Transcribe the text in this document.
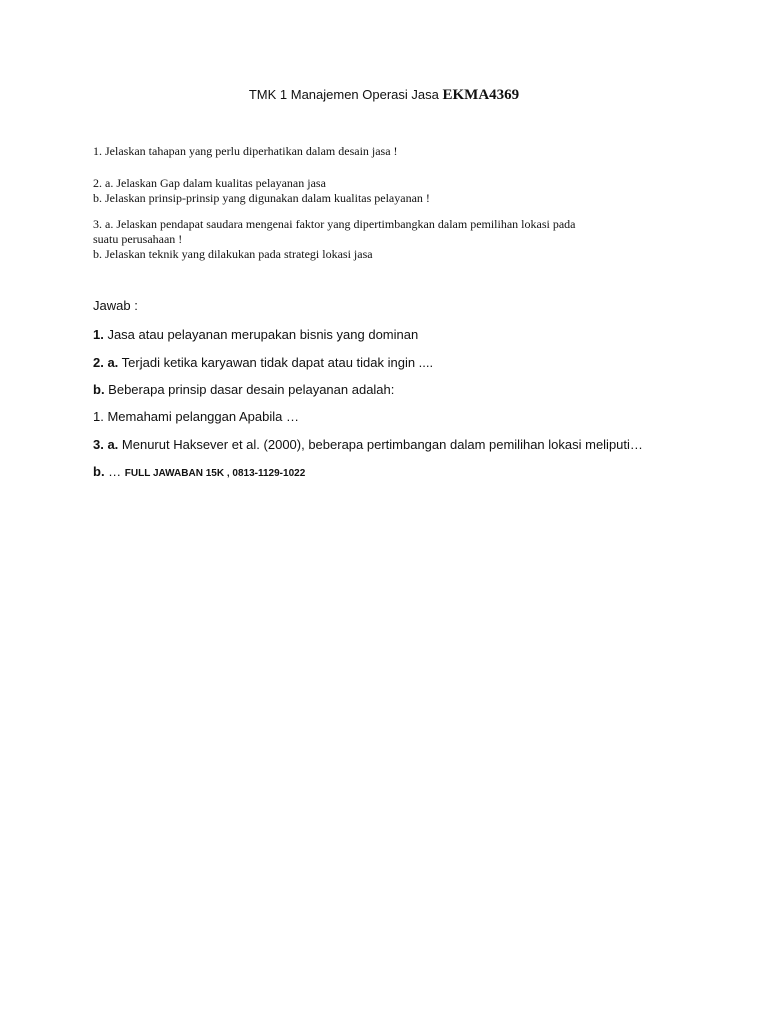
TMK 1 Manajemen Operasi Jasa EKMA4369

1. Jelaskan tahapan yang perlu diperhatikan dalam desain jasa !

2. a. Jelaskan Gap dalam kualitas pelayanan jasa

b. Jelaskan prinsip-prinsip yang digunakan dalam kualitas pelayanan !

3. a. Jelaskan pendapat saudara mengenai faktor yang dipertimbangkan dalam pemilihan lokasi pada

suatu perusahaan !

b. Jelaskan teknik yang dilakukan pada strategi lokasi jasa

Jawab :

1. Jasa atau pelayanan merupakan bisnis yang dominan

2. a. Terjadi ketika karyawan tidak dapat atau tidak ingin ....

b. Beberapa prinsip dasar desain pelayanan adalah:

1. Memahami pelanggan Apabila …

3. a. Menurut Haksever et al. (2000), beberapa pertimbangan dalam pemilihan lokasi meliputi…

b. … FULL JAWABAN 15K , 0813-1129-1022
